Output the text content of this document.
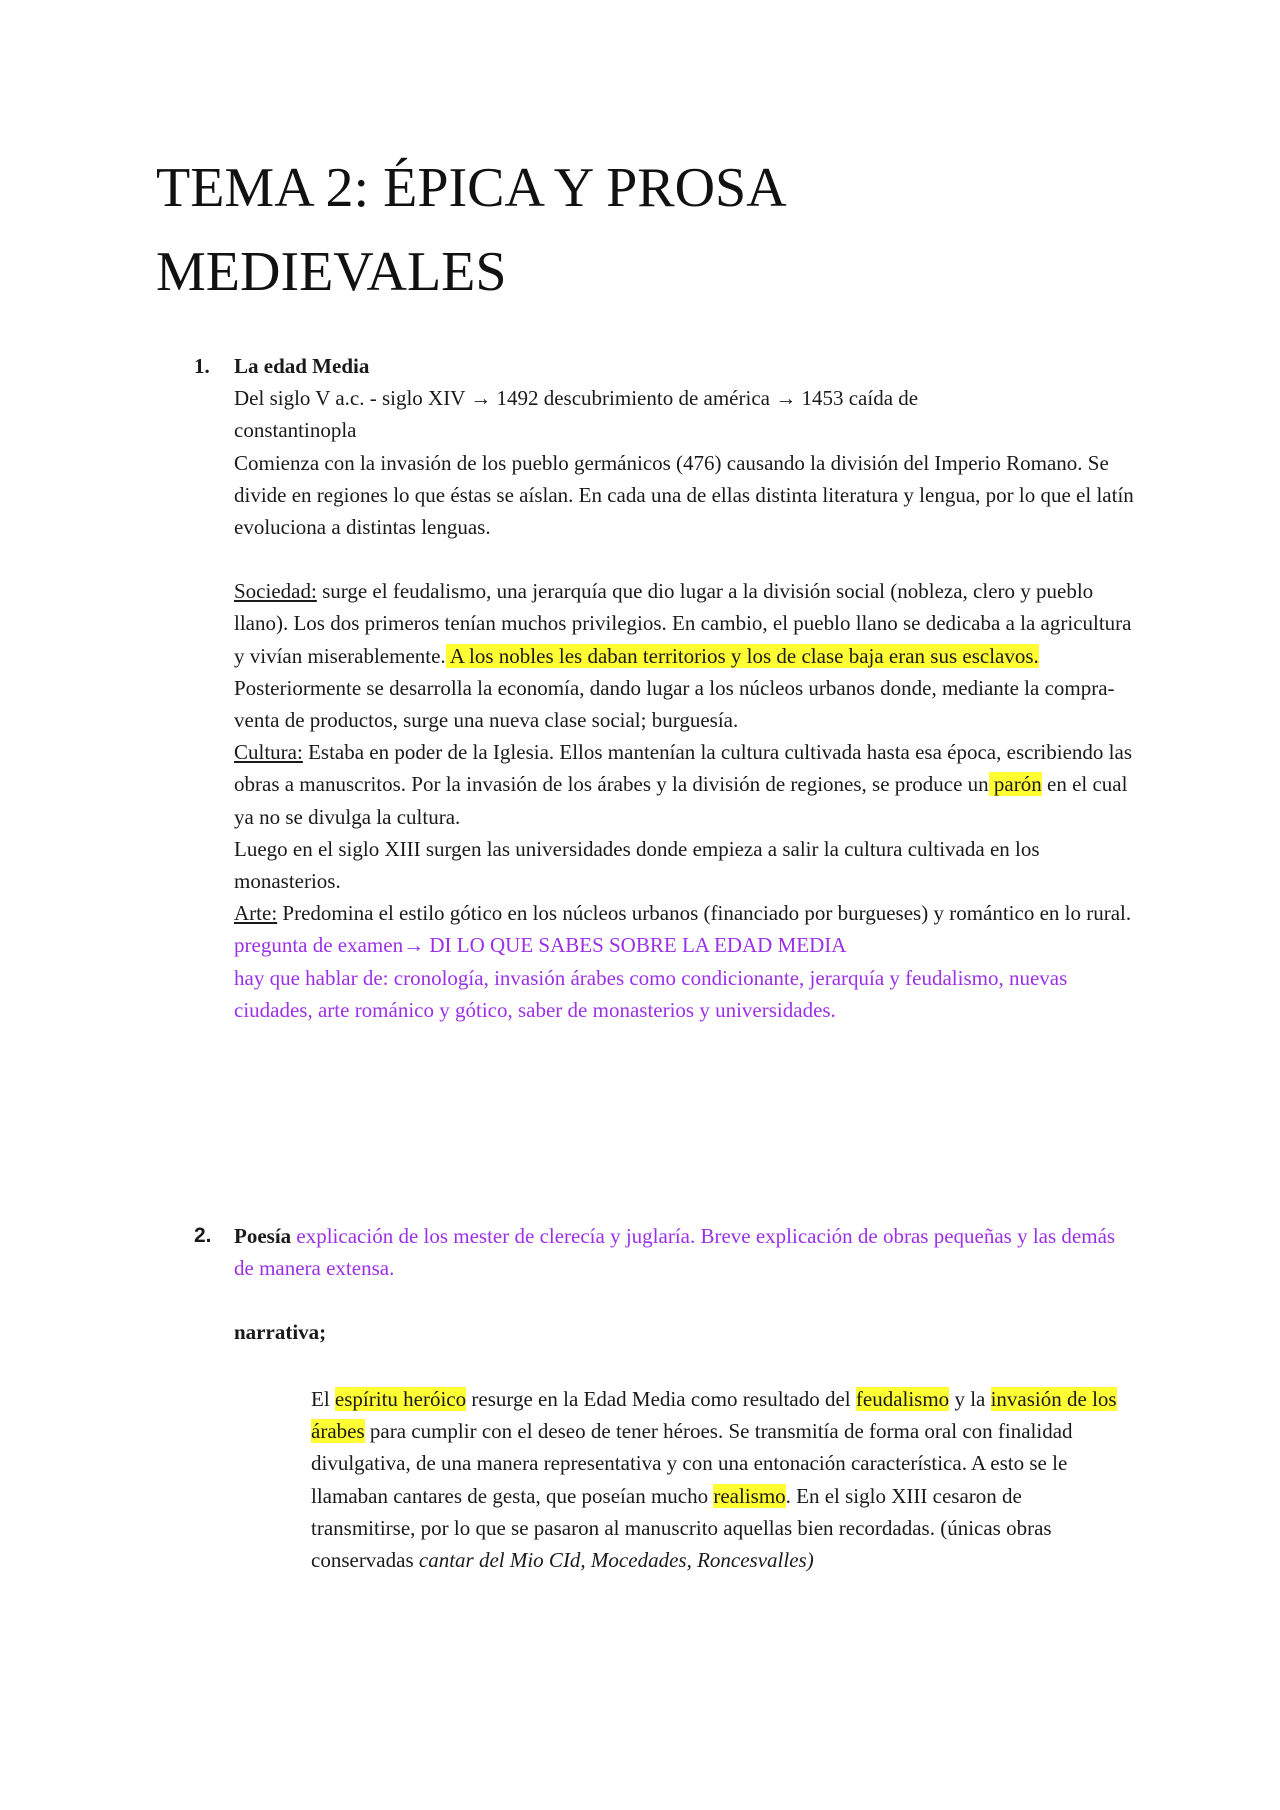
TEMA 2: ÉPICA Y PROSA MEDIEVALES
1. La edad Media

Del siglo V a.c. - siglo XIV → 1492 descubrimiento de américa → 1453 caída de

constantinopla

Comienza con la invasión de los pueblo germánicos (476) causando la división del Imperio Romano. Se divide en regiones lo que éstas se aíslan. En cada una de ellas distinta literatura y lengua, por lo que el latín evoluciona a distintas lenguas.

Sociedad: surge el feudalismo, una jerarquía que dio lugar a la división social (nobleza, clero y pueblo llano). Los dos primeros tenían muchos privilegios. En cambio, el pueblo llano se dedicaba a la agricultura y vivían miserablemente. A los nobles les daban territorios y los de clase baja eran sus esclavos.

Posteriormente se desarrolla la economía, dando lugar a los núcleos urbanos donde, mediante la compra-venta de productos, surge una nueva clase social; burguesía.

Cultura: Estaba en poder de la Iglesia. Ellos mantenían la cultura cultivada hasta esa época, escribiendo las obras a manuscritos. Por la invasión de los árabes y la división de regiones, se produce un parón en el cual ya no se divulga la cultura.

Luego en el siglo XIII surgen las universidades donde empieza a salir la cultura cultivada en los monasterios.

Arte: Predomina el estilo gótico en los núcleos urbanos (financiado por burgueses) y romántico en lo rural.

pregunta de examen→ DI LO QUE SABES SOBRE LA EDAD MEDIA

hay que hablar de: cronología, invasión árabes como condicionante, jerarquía y feudalismo, nuevas ciudades, arte románico y gótico, saber de monasterios y universidades.

2. Poesía explicación de los mester de clerecía y juglaría. Breve explicación de obras pequeñas y las demás de manera extensa.

narrativa;

El espíritu heróico resurge en la Edad Media como resultado del feudalismo y la invasión de los árabes para cumplir con el deseo de tener héroes. Se transmitía de forma oral con finalidad divulgativa, de una manera representativa y con una entonación característica. A esto se le llamaban cantares de gesta, que poseían mucho realismo. En el siglo XIII cesaron de transmitirse, por lo que se pasaron al manuscrito aquellas bien recordadas. (únicas obras conservadas cantar del Mio CId, Mocedades, Roncesvalles)
